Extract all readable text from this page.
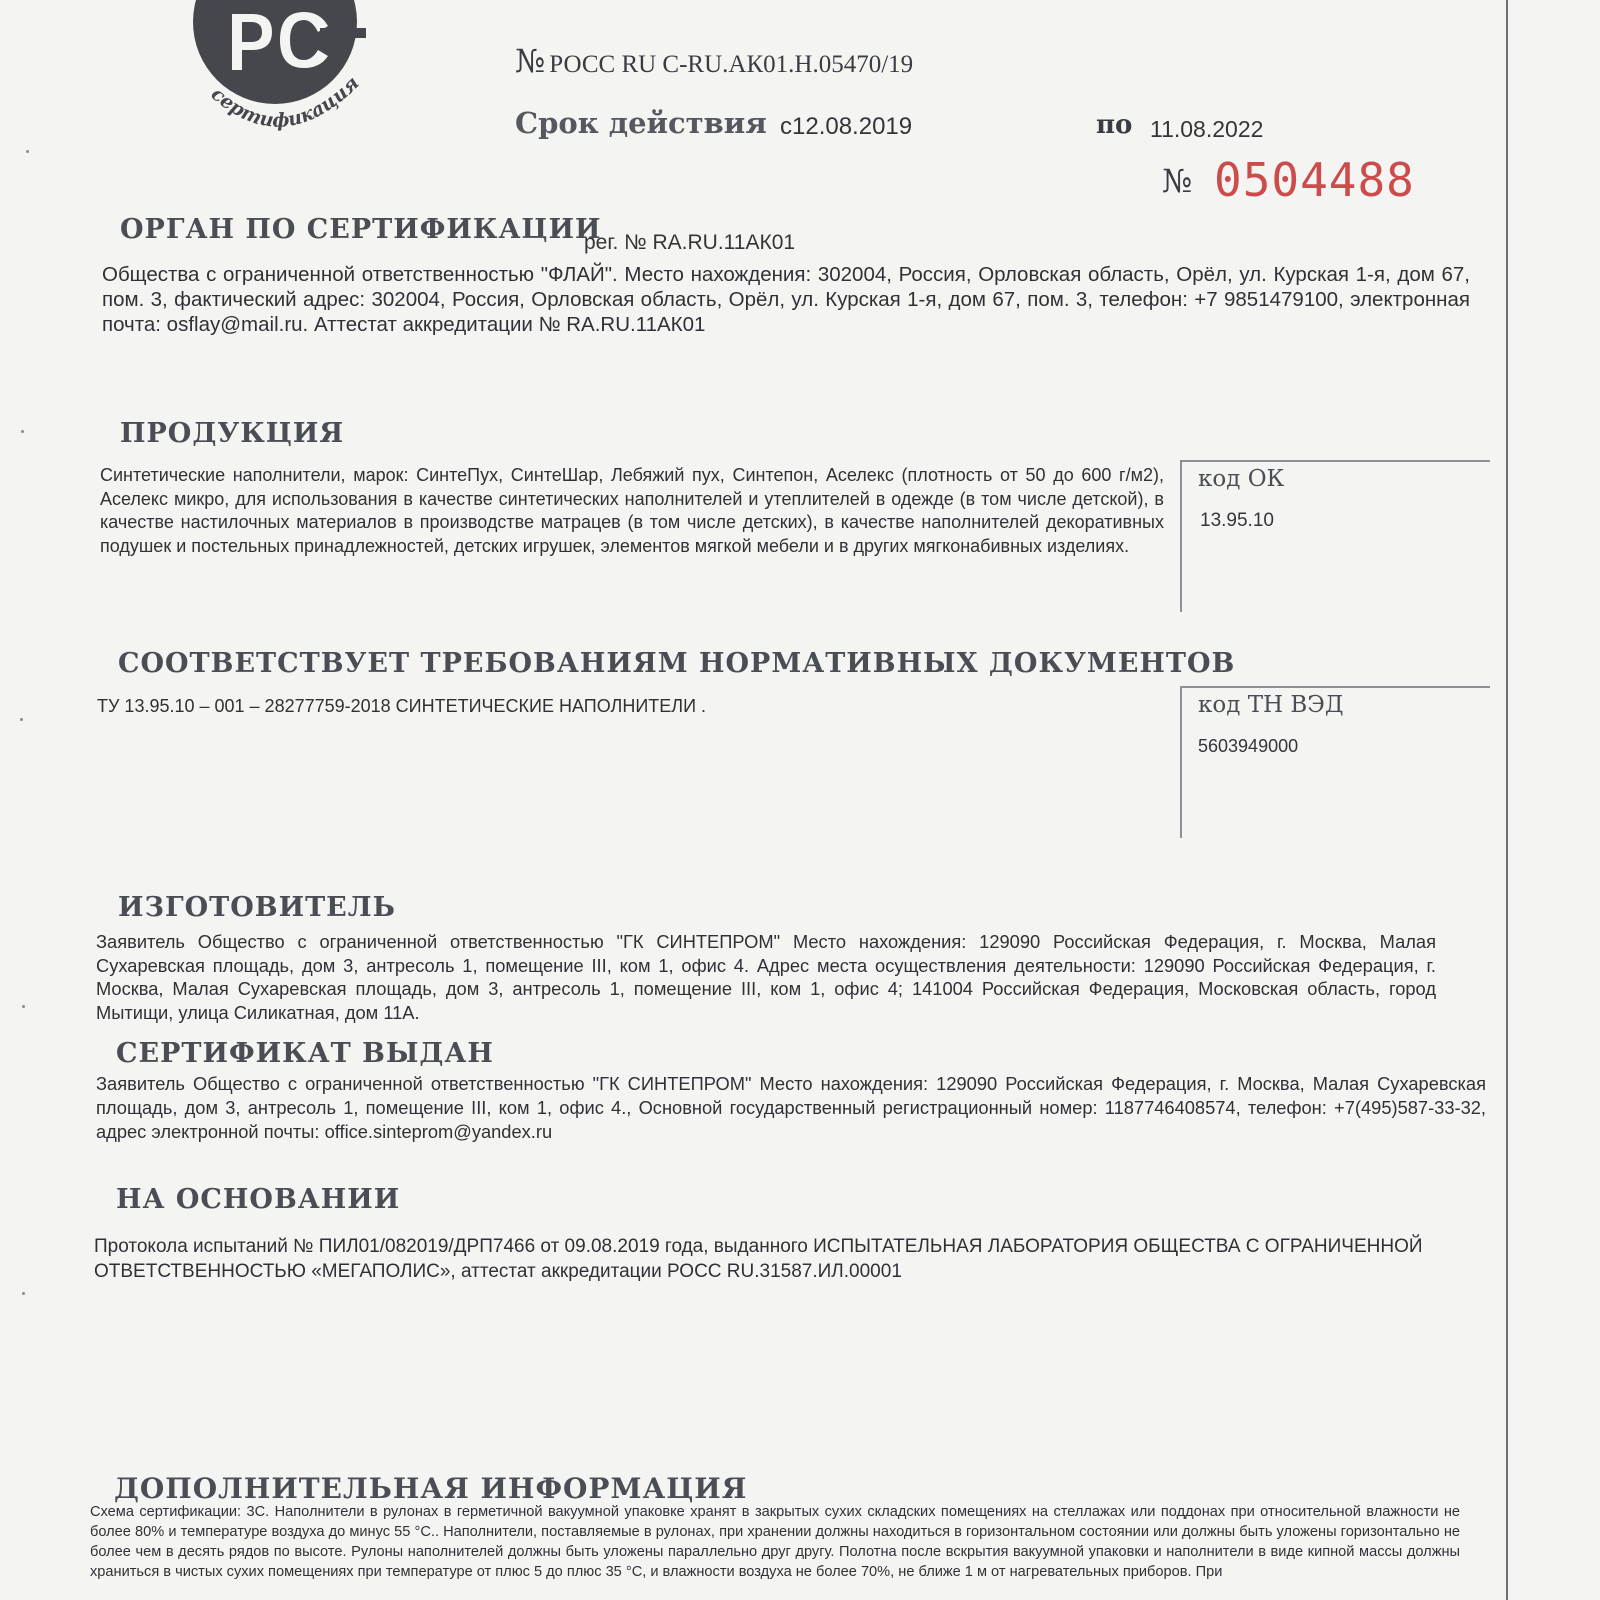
сертификация
№ РОСС RU С-RU.АК01.Н.05470/19
Срок действия с12.08.2019	по 11.08.2022
№ 0504488
ОРГАН ПО СЕРТИФИКАЦИИ
рег. № RA.RU.11АК01

Общества с ограниченной ответственностью "ФЛАЙ". Место нахождения: 302004, Россия, Орловская область, Орёл, ул. Курская 1-я, дом 67, пом. 3, фактический адрес: 302004, Россия, Орловская область, Орёл, ул. Курская 1-я, дом 67, пом. 3, телефон: +7 9851479100, электронная почта: osflay@mail.ru. Аттестат аккредитации № RA.RU.11АК01

ПРОДУКЦИЯ

Синтетические наполнители, марок: СинтеПух, СинтеШар, Лебяжий пух, Синтепон, Аселекс (плотность от 50 до 600 г/м2), Аселекс микро, для использования в качестве синтетических наполнителей и утеплителей в одежде (в том числе детской), в качестве настилочных материалов в производстве матрацев (в том числе детских), в качестве наполнителей декоративных подушек и постельных принадлежностей, детских игрушек, элементов мягкой мебели и в других мягконабивных изделиях.

код ОК
13.95.10
СООТВЕТСТВУЕТ ТРЕБОВАНИЯМ НОРМАТИВНЫХ ДОКУМЕНТОВ

ТУ 13.95.10 – 001 – 28277759-2018 СИНТЕТИЧЕСКИЕ НАПОЛНИТЕЛИ .	код ТН ВЭД
5603949000
ИЗГОТОВИТЕЛЬ

Заявитель Общество с ограниченной ответственностью "ГК СИНТЕПРОМ" Место нахождения: 129090 Российская Федерация, г. Москва, Малая Сухаревская площадь, дом 3, антресоль 1, помещение III, ком 1, офис 4. Адрес места осуществления деятельности: 129090 Российская Федерация, г. Москва, Малая Сухаревская площадь, дом 3, антресоль 1, помещение III, ком 1, офис 4; 141004 Российская Федерация, Московская область, город Мытищи, улица Силикатная, дом 11А.

СЕРТИФИКАТ ВЫДАН

Заявитель Общество с ограниченной ответственностью "ГК СИНТЕПРОМ" Место нахождения: 129090 Российская Федерация, г. Москва, Малая Сухаревская площадь, дом 3, антресоль 1, помещение III, ком 1, офис 4., Основной государственный регистрационный номер: 1187746408574, телефон: +7(495)587-33-32, адрес электронной почты: office.sintеprom@yandex.ru

НА ОСНОВАНИИ

Протокола испытаний № ПИЛ01/082019/ДРП7466 от 09.08.2019 года, выданного ИСПЫТАТЕЛЬНАЯ ЛАБОРАТОРИЯ ОБЩЕСТВА С ОГРАНИЧЕННОЙ ОТВЕТСТВЕННОСТЬЮ «МЕГАПОЛИС», аттестат аккредитации РОСС RU.31587.ИЛ.00001

ДОПОЛНИТЕЛЬНАЯ ИНФОРМАЦИЯ

Схема сертификации: 3С. Наполнители в рулонах в герметичной вакуумной упаковке хранят в закрытых сухих складских помещениях на стеллажах или поддонах при относительной влажности не более 80% и температуре воздуха до минус 55 °С.. Наполнители, поставляемые в рулонах, при хранении должны находиться в горизонтальном состоянии или должны быть уложены горизонтально не более чем в десять рядов по высоте. Рулоны наполнителей должны быть уложены параллельно друг другу. Полотна после вскрытия вакуумной упаковки и наполнители в виде кипной массы должны храниться в чистых сухих помещениях при температуре от плюс 5 до плюс 35 °С, и влажности воздуха не более 70%, не ближе 1 м от нагревательных приборов. При
